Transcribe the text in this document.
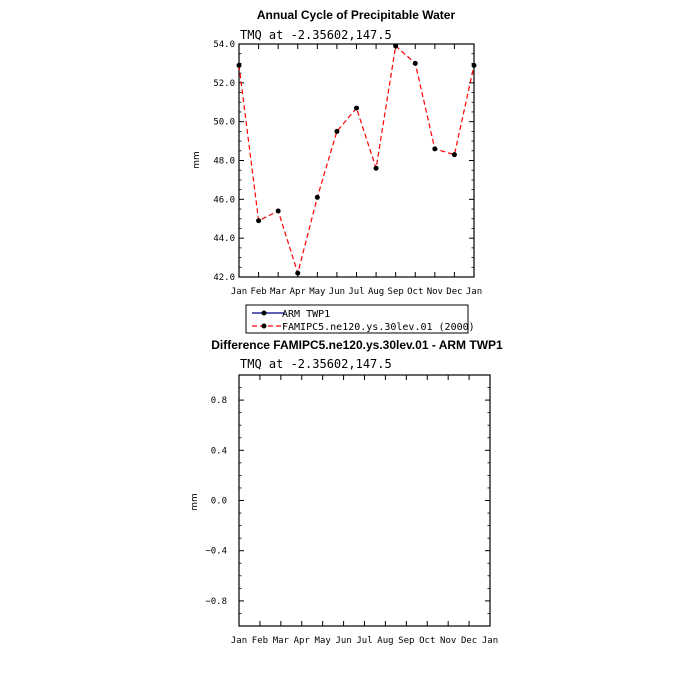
Annual Cycle of Precipitable Water
TMQ at -2.35602,147.5
mm
42.0
44.0
46.0
48.0
50.0
52.0
54.0
Jan Feb Mar Apr May Jun Jul Aug Sep Oct Nov Dec Jan
ARM TWP1
FAMIPC5.ne120.ys.30lev.01 (2000)
Difference FAMIPC5.ne120.ys.30lev.01 - ARM TWP1
TMQ at -2.35602,147.5
mm
0.8
0.4
0.0
−0.4
−0.8
Jan Feb Mar Apr May Jun Jul Aug Sep Oct Nov Dec Jan
